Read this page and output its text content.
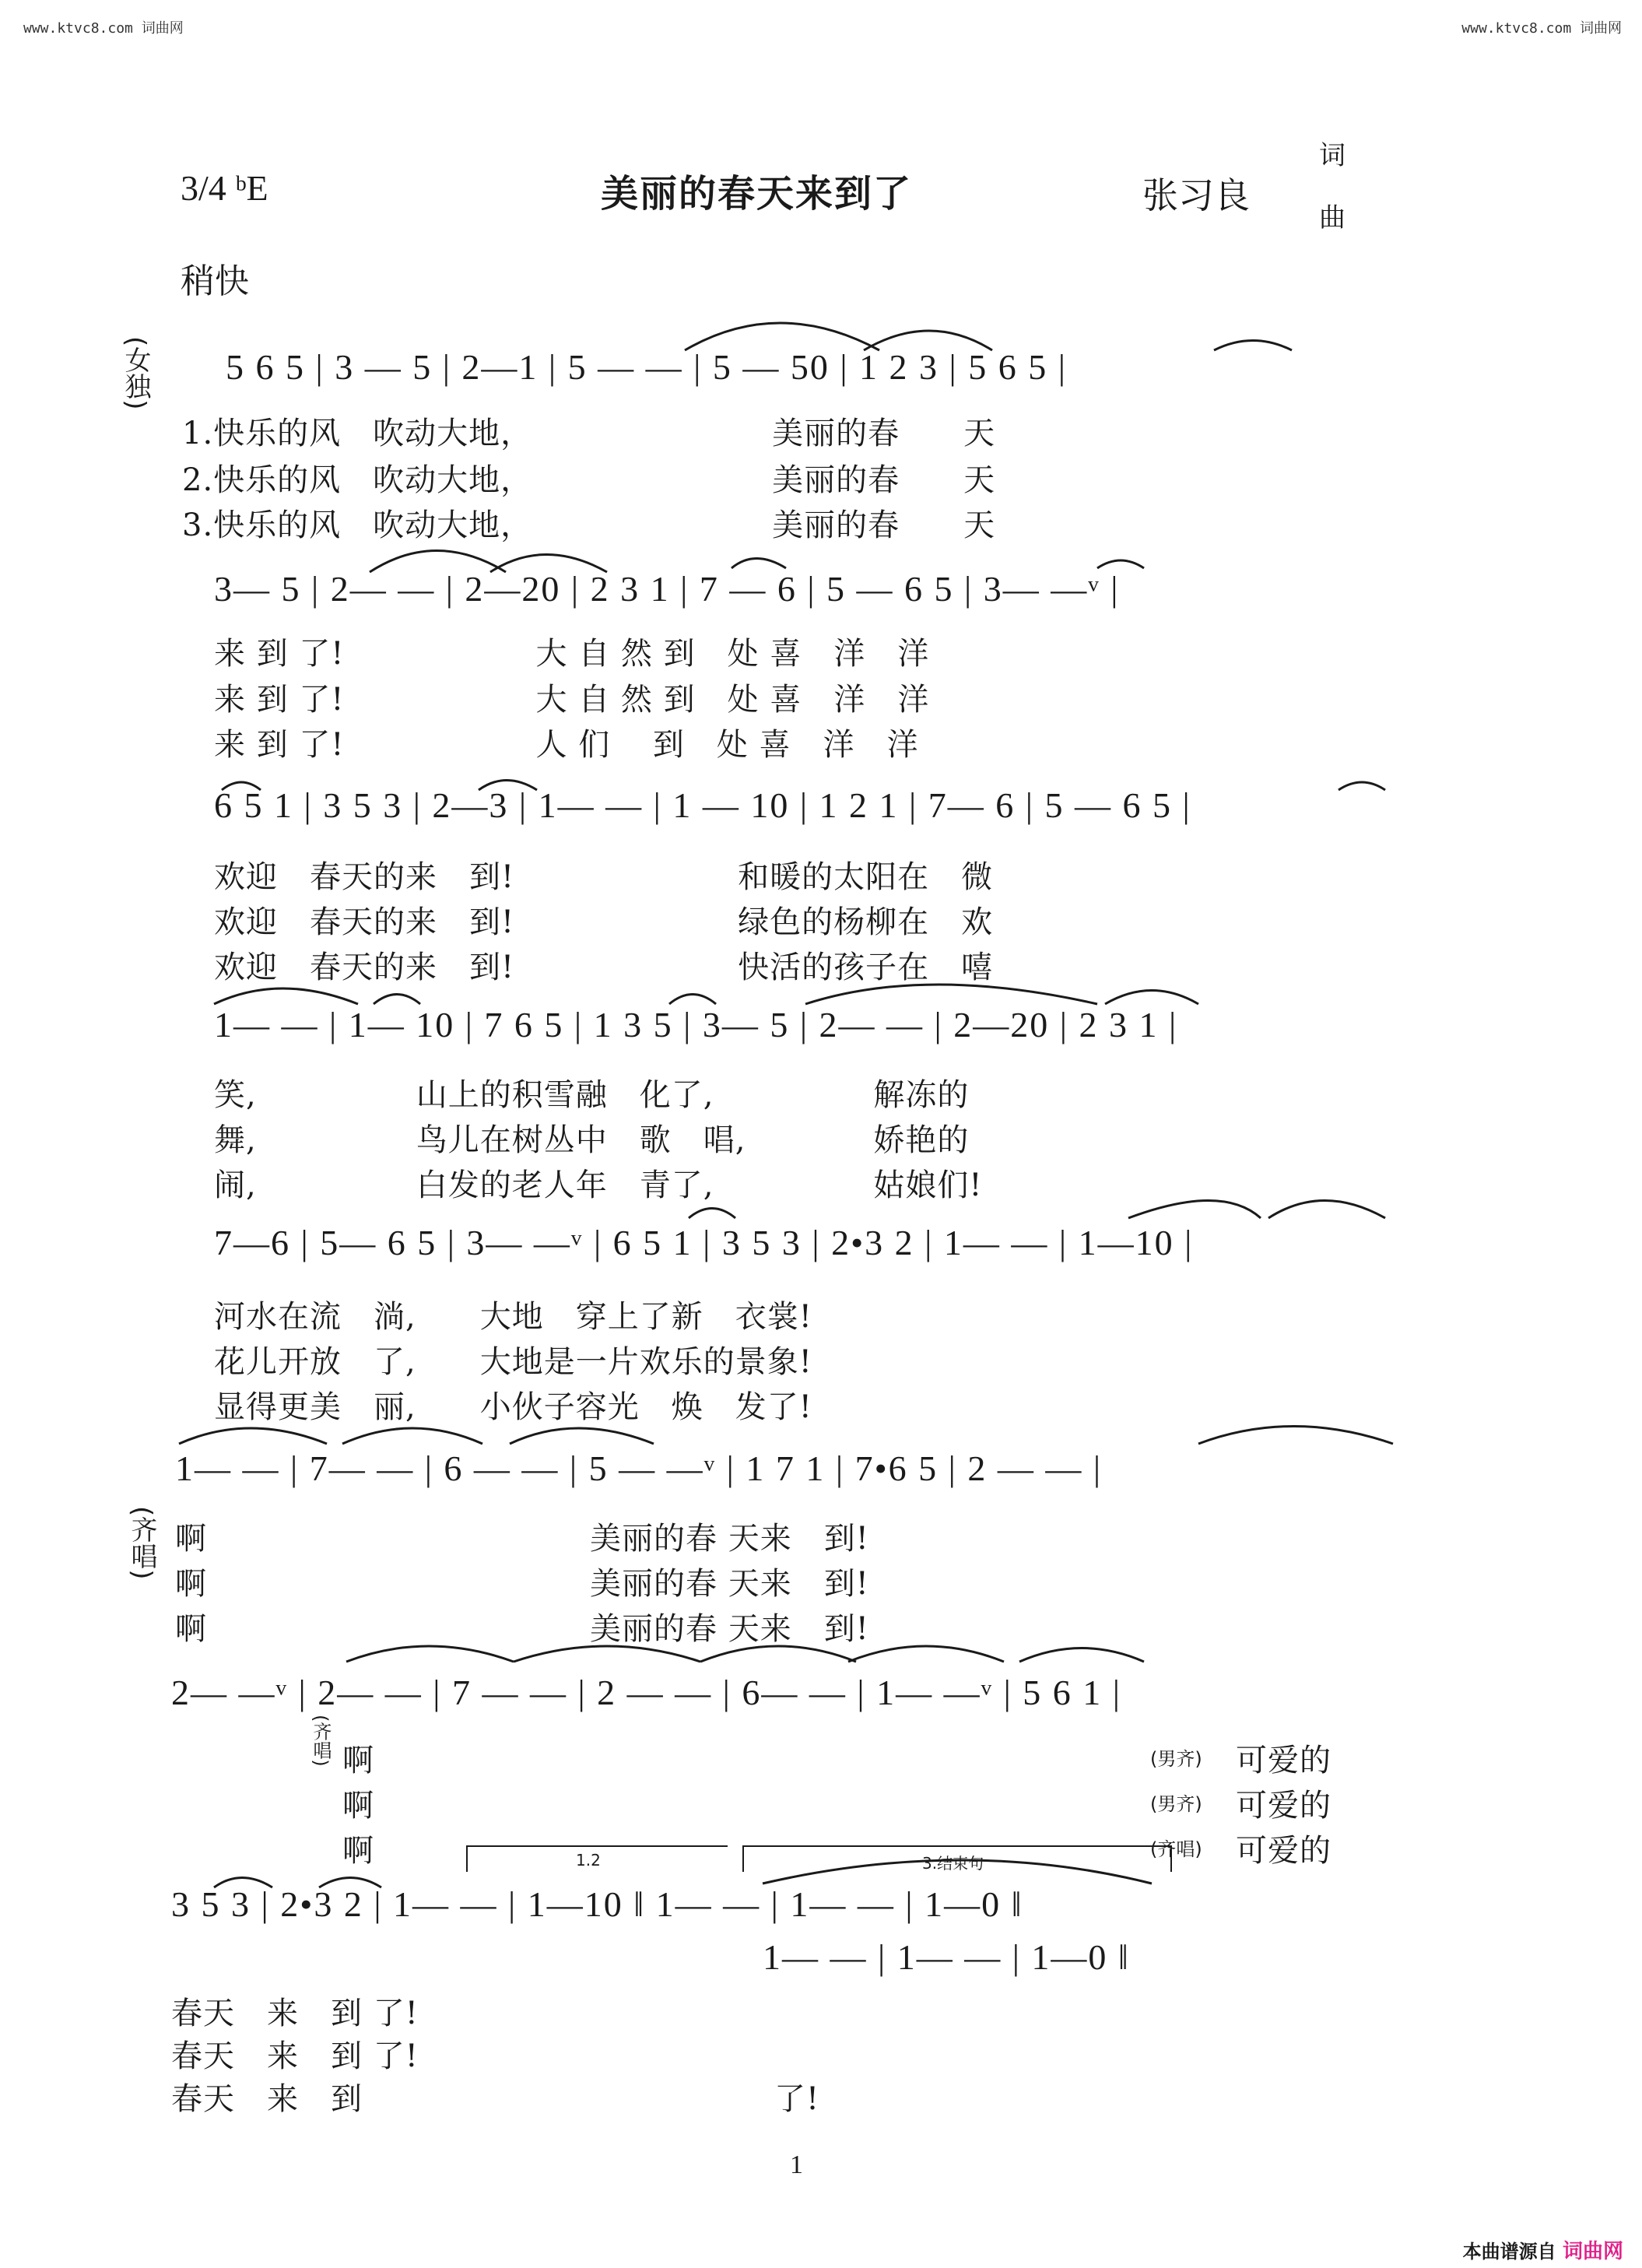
www.ktvc8.com 词曲网	www.ktvc8.com 词曲网
3/4 ᵇE	美丽的春天来到了	张习良
词
曲
稍快
(女独)
(齐唱)
(齐唱)
5 6 5 | 3 — 5 | 2—1 | 5 — — | 5 — 50 | 1 2 3 | 5 6 5 |
1.快乐的风　吹动大地，　　　　　　　　美丽的春　　天
2.快乐的风　吹动大地，　　　　　　　　美丽的春　　天
3.快乐的风　吹动大地，　　　　　　　　美丽的春　　天
3— 5 | 2— — | 2—20 | 2 3 1 | 7 — 6 | 5 — 6 5 | 3— —ᵛ |
来 到 了!　　　　　　大 自 然 到　处 喜　洋　洋
来 到 了!　　　　　　大 自 然 到　处 喜　洋　洋
来 到 了!　　　　　　人 们　 到　处 喜　洋　洋
6 5 1 | 3 5 3 | 2—3 | 1— — | 1 — 10 | 1 2 1 | 7— 6 | 5 — 6 5 |
欢迎　春天的来　到!　　　　　　　和暖的太阳在　微
欢迎　春天的来　到!　　　　　　　绿色的杨柳在　欢
欢迎　春天的来　到!　　　　　　　快活的孩子在　嘻
1— — | 1— 10 | 7 6 5 | 1 3 5 | 3— 5 | 2— — | 2—20 | 2 3 1 |
笑,　　　　　山上的积雪融　化了,　　　　　解冻的
舞,　　　　　鸟儿在树丛中　歌　唱,　　　　娇艳的
闹,　　　　　白发的老人年　青了,　　　　　姑娘们!
7—6 | 5— 6 5 | 3— —ᵛ | 6 5 1 | 3 5 3 | 2•3 2 | 1— — | 1—10 |
河水在流　淌,　　大地　穿上了新　衣裳!
花儿开放　了,　　大地是一片欢乐的景象!
显得更美　丽,　　小伙子容光　焕　发了!
1— — | 7— — | 6 — — | 5 — —ᵛ | 1 7 1 | 7•6 5 | 2 — — |
啊　　　　　　　　　　　　美丽的春 天来　到!
啊　　　　　　　　　　　　美丽的春 天来　到!
啊　　　　　　　　　　　　美丽的春 天来　到!
2— —ᵛ | 2— — | 7 — — | 2 — — | 6— — | 1— —ᵛ | 5 6 1 |
啊
啊
啊
(男齐)
(男齐)
(齐唱)
可爱的
可爱的
可爱的
1.2	3.结束句
3 5 3 | 2•3 2 | 1— — | 1—10 ‖ 1— — | 1— — | 1—0 ‖
1— — | 1— — | 1—0 ‖
春天　来　到 了!
春天　来　到 了!
春天　来　到	了!
1
本曲谱源自 词曲网
